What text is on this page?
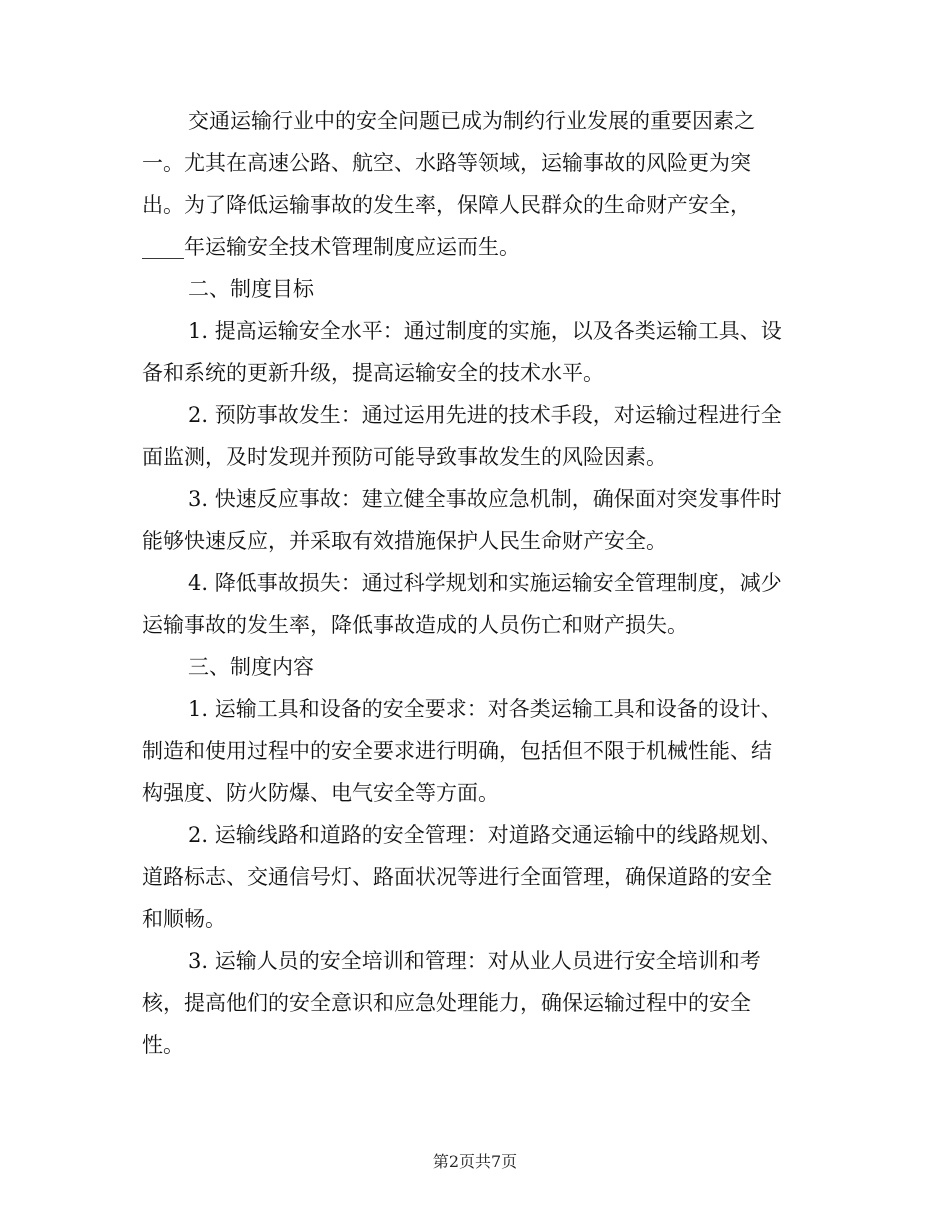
交通运输行业中的安全问题已成为制约行业发展的重要因素之
一。尤其在高速公路、航空、水路等领域，运输事故的风险更为突
出。为了降低运输事故的发生率，保障人民群众的生命财产安全，
____年运输安全技术管理制度应运而生。
二、制度目标
1. 提高运输安全水平：通过制度的实施，以及各类运输工具、设
备和系统的更新升级，提高运输安全的技术水平。
2. 预防事故发生：通过运用先进的技术手段，对运输过程进行全
面监测，及时发现并预防可能导致事故发生的风险因素。
3. 快速反应事故：建立健全事故应急机制，确保面对突发事件时
能够快速反应，并采取有效措施保护人民生命财产安全。
4. 降低事故损失：通过科学规划和实施运输安全管理制度，减少
运输事故的发生率，降低事故造成的人员伤亡和财产损失。
三、制度内容
1. 运输工具和设备的安全要求：对各类运输工具和设备的设计、
制造和使用过程中的安全要求进行明确，包括但不限于机械性能、结
构强度、防火防爆、电气安全等方面。
2. 运输线路和道路的安全管理：对道路交通运输中的线路规划、
道路标志、交通信号灯、路面状况等进行全面管理，确保道路的安全
和顺畅。
3. 运输人员的安全培训和管理：对从业人员进行安全培训和考
核，提高他们的安全意识和应急处理能力，确保运输过程中的安全
性。
第2页共7页
